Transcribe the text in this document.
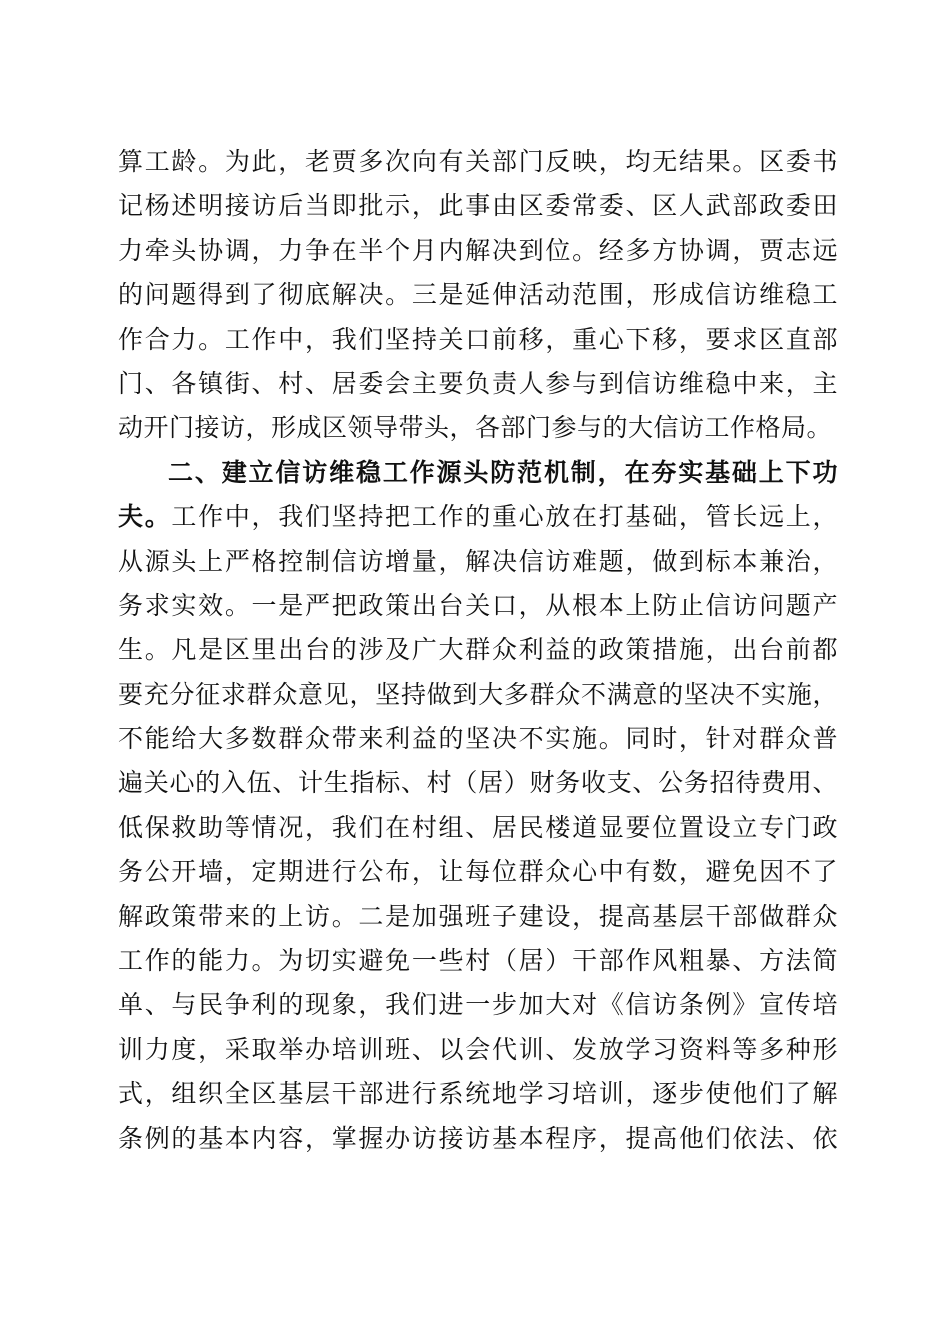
算工龄。为此，老贾多次向有关部门反映，均无结果。区委书
记杨述明接访后当即批示，此事由区委常委、区人武部政委田
力牵头协调，力争在半个月内解决到位。经多方协调，贾志远
的问题得到了彻底解决。三是延伸活动范围，形成信访维稳工
作合力。工作中，我们坚持关口前移，重心下移，要求区直部
门、各镇街、村、居委会主要负责人参与到信访维稳中来，主
动开门接访，形成区领导带头，各部门参与的大信访工作格局。
二、建立信访维稳工作源头防范机制，在夯实基础上下功
夫。工作中，我们坚持把工作的重心放在打基础，管长远上，
从源头上严格控制信访增量，解决信访难题，做到标本兼治，
务求实效。一是严把政策出台关口，从根本上防止信访问题产
生。凡是区里出台的涉及广大群众利益的政策措施，出台前都
要充分征求群众意见，坚持做到大多群众不满意的坚决不实施，
不能给大多数群众带来利益的坚决不实施。同时，针对群众普
遍关心的入伍、计生指标、村（居）财务收支、公务招待费用、
低保救助等情况，我们在村组、居民楼道显要位置设立专门政
务公开墙，定期进行公布，让每位群众心中有数，避免因不了
解政策带来的上访。二是加强班子建设，提高基层干部做群众
工作的能力。为切实避免一些村（居）干部作风粗暴、方法简
单、与民争利的现象，我们进一步加大对《信访条例》宣传培
训力度，采取举办培训班、以会代训、发放学习资料等多种形
式，组织全区基层干部进行系统地学习培训，逐步使他们了解
条例的基本内容，掌握办访接访基本程序，提高他们依法、依
